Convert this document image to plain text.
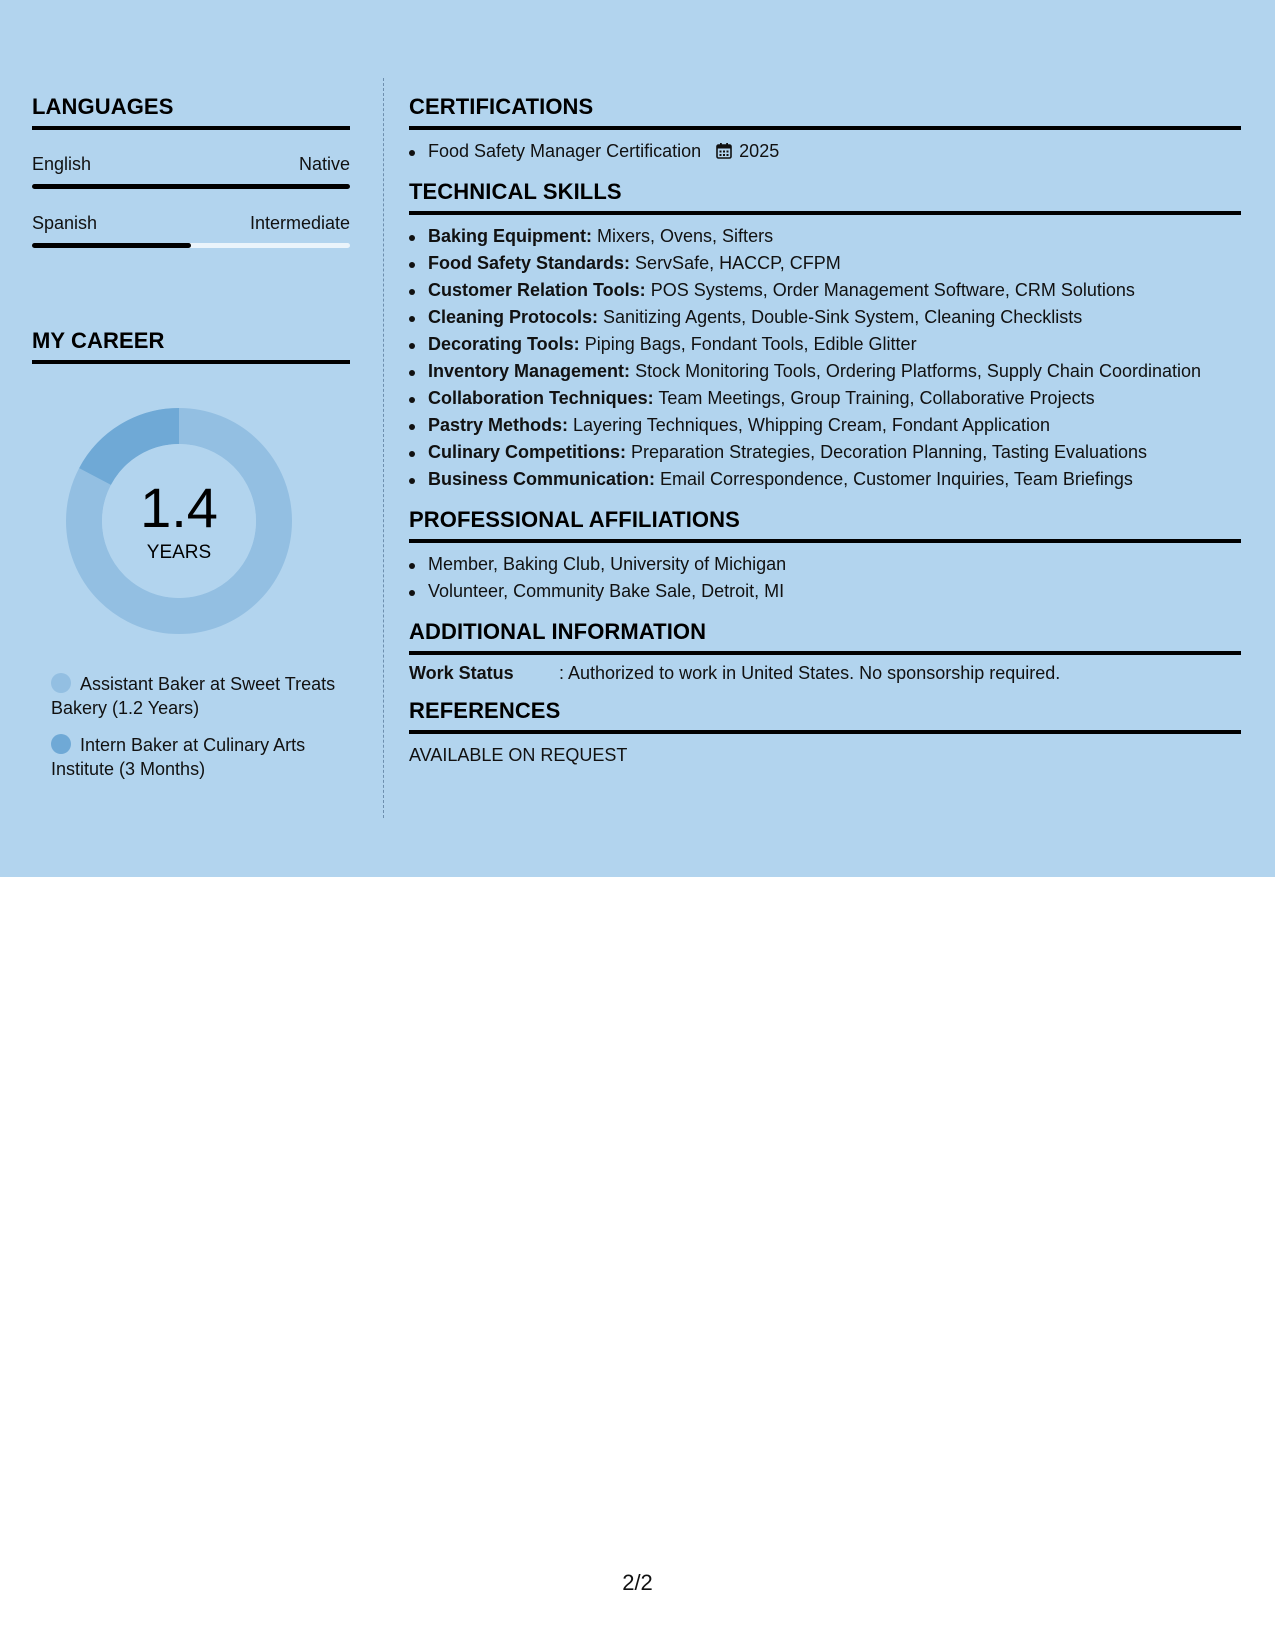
LANGUAGES
English	Native
Spanish	Intermediate
MY CAREER
1.4
YEARS
Assistant Baker at Sweet Treats Bakery (1.2 Years)
Intern Baker at Culinary Arts Institute (3 Months)
CERTIFICATIONS
Food Safety Manager Certification 2025
TECHNICAL SKILLS
Baking Equipment: Mixers, Ovens, Sifters
Food Safety Standards: ServSafe, HACCP, CFPM
Customer Relation Tools: POS Systems, Order Management Software, CRM Solutions
Cleaning Protocols: Sanitizing Agents, Double-Sink System, Cleaning Checklists
Decorating Tools: Piping Bags, Fondant Tools, Edible Glitter
Inventory Management: Stock Monitoring Tools, Ordering Platforms, Supply Chain Coordination
Collaboration Techniques: Team Meetings, Group Training, Collaborative Projects
Pastry Methods: Layering Techniques, Whipping Cream, Fondant Application
Culinary Competitions: Preparation Strategies, Decoration Planning, Tasting Evaluations
Business Communication: Email Correspondence, Customer Inquiries, Team Briefings
PROFESSIONAL AFFILIATIONS
Member, Baking Club, University of Michigan
Volunteer, Community Bake Sale, Detroit, MI
ADDITIONAL INFORMATION
Work Status	: Authorized to work in United States. No sponsorship required.
REFERENCES
AVAILABLE ON REQUEST
2/2
